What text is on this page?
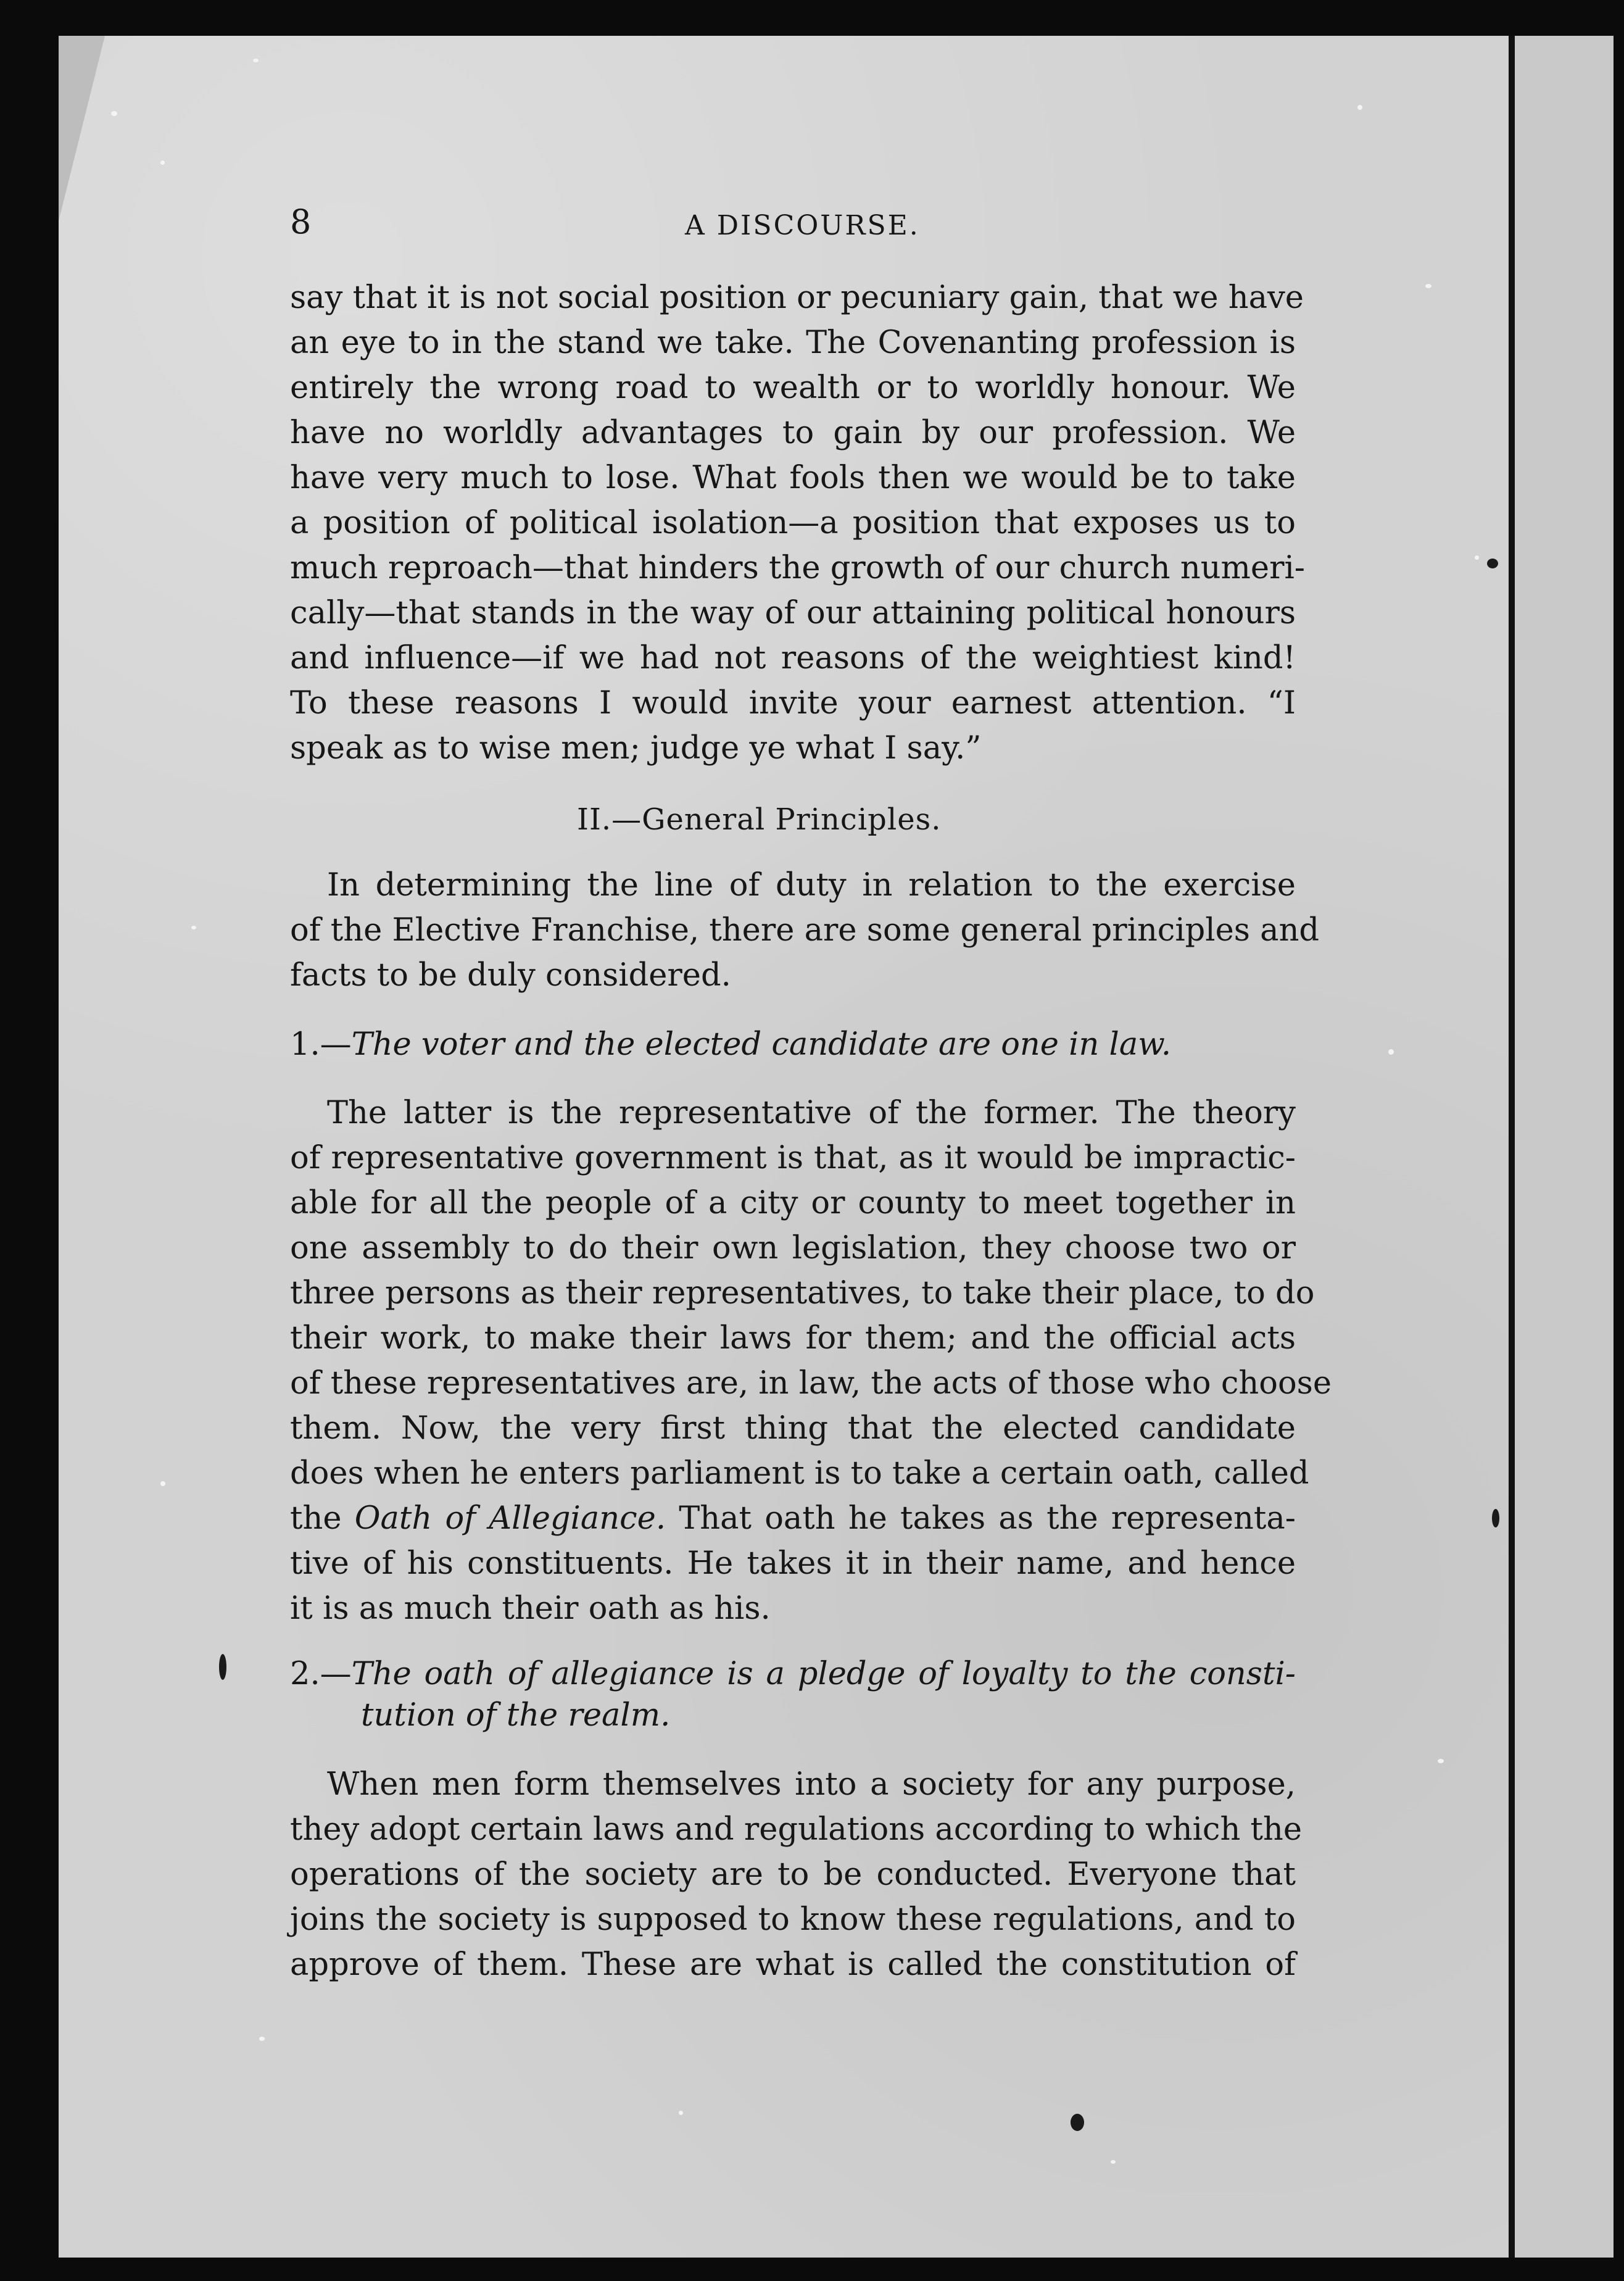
8	A DISCOURSE.
say that it is not social position or pecuniary gain, that we have
an eye to in the stand we take. The Covenanting profession is
entirely the wrong road to wealth or to worldly honour. We
have no worldly advantages to gain by our profession. We
have very much to lose. What fools then we would be to take
a position of political isolation—a position that exposes us to
much reproach—that hinders the growth of our church numeri-
cally—that stands in the way of our attaining political honours
and influence—if we had not reasons of the weightiest kind!
To these reasons I would invite your earnest attention. “I
speak as to wise men; judge ye what I say.”
II.—General Principles.
In determining the line of duty in relation to the exercise
of the Elective Franchise, there are some general principles and
facts to be duly considered.
1.—The voter and the elected candidate are one in law.
The latter is the representative of the former. The theory
of representative government is that, as it would be impractic-
able for all the people of a city or county to meet together in
one assembly to do their own legislation, they choose two or
three persons as their representatives, to take their place, to do
their work, to make their laws for them; and the official acts
of these representatives are, in law, the acts of those who choose
them. Now, the very first thing that the elected candidate
does when he enters parliament is to take a certain oath, called
the Oath of Allegiance. That oath he takes as the representa-
tive of his constituents. He takes it in their name, and hence
it is as much their oath as his.
2.—The oath of allegiance is a pledge of loyalty to the consti-
tution of the realm.
When men form themselves into a society for any purpose,
they adopt certain laws and regulations according to which the
operations of the society are to be conducted. Everyone that
joins the society is supposed to know these regulations, and to
approve of them. These are what is called the constitution of
